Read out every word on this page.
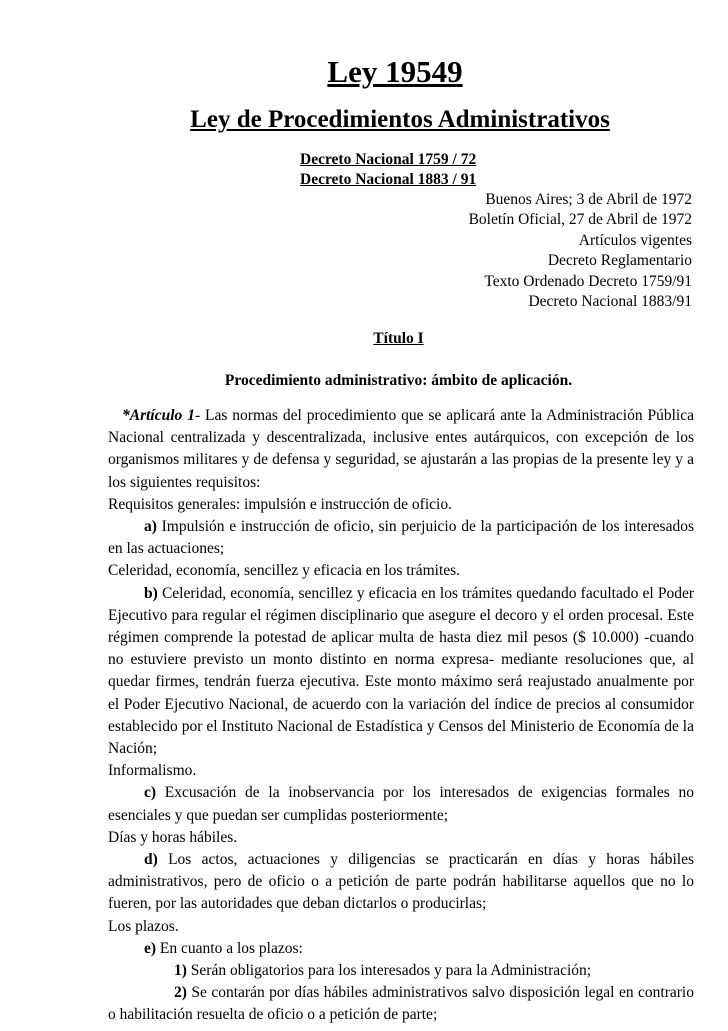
Ley 19549
Ley de Procedimientos Administrativos
Decreto Nacional 1759 / 72
Decreto Nacional 1883 / 91
Buenos Aires; 3 de Abril de 1972
Boletín Oficial, 27 de Abril de 1972
Artículos vigentes
Decreto Reglamentario
Texto Ordenado Decreto 1759/91
Decreto Nacional 1883/91
Título I
Procedimiento administrativo: ámbito de aplicación.

*Artículo 1- Las normas del procedimiento que se aplicará ante la Administración Pública Nacional centralizada y descentralizada, inclusive entes autárquicos, con excepción de los organismos militares y de defensa y seguridad, se ajustarán a las propias de la presente ley y a los siguientes requisitos:

Requisitos generales: impulsión e instrucción de oficio.

a) Impulsión e instrucción de oficio, sin perjuicio de la participación de los interesados en las actuaciones;

Celeridad, economía, sencillez y eficacia en los trámites.

b) Celeridad, economía, sencillez y eficacia en los trámites quedando facultado el Poder Ejecutivo para regular el régimen disciplinario que asegure el decoro y el orden procesal. Este régimen comprende la potestad de aplicar multa de hasta diez mil pesos ($ 10.000) -cuando no estuviere previsto un monto distinto en norma expresa- mediante resoluciones que, al quedar firmes, tendrán fuerza ejecutiva. Este monto máximo será reajustado anualmente por el Poder Ejecutivo Nacional, de acuerdo con la variación del índice de precios al consumidor establecido por el Instituto Nacional de Estadística y Censos del Ministerio de Economía de la Nación;

Informalismo.

c) Excusación de la inobservancia por los interesados de exigencias formales no esenciales y que puedan ser cumplidas posteriormente;

Días y horas hábiles.

d) Los actos, actuaciones y diligencias se practicarán en días y horas hábiles administrativos, pero de oficio o a petición de parte podrán habilitarse aquellos que no lo fueren, por las autoridades que deban dictarlos o producirlas;

Los plazos.

e) En cuanto a los plazos:

1) Serán obligatorios para los interesados y para la Administración;

2) Se contarán por días hábiles administrativos salvo disposición legal en contrario o habilitación resuelta de oficio o a petición de parte;
